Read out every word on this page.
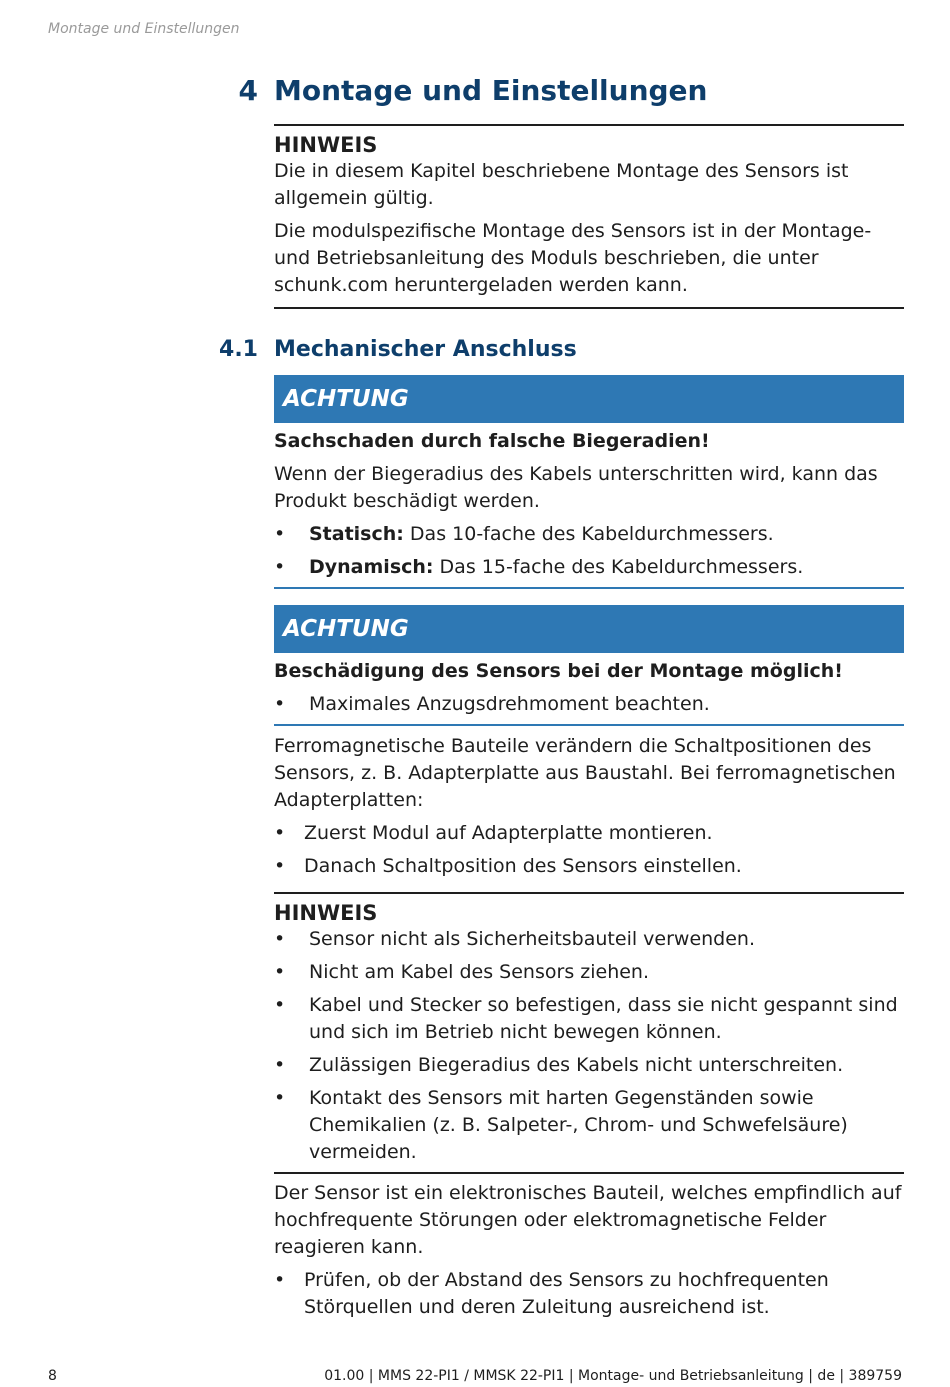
Montage und Einstellungen
4 Montage und Einstellungen
HINWEIS

Die in diesem Kapitel beschriebene Montage des Sensors ist allgemein gültig.

Die modulspezifische Montage des Sensors ist in der Montage- und Betriebsanleitung des Moduls beschrieben, die unter schunk.com heruntergeladen werden kann.

4.1 Mechanischer Anschluss
ACHTUNG
Sachschaden durch falsche Biegeradien!

Wenn der Biegeradius des Kabels unterschritten wird, kann das Produkt beschädigt werden.

• Statisch: Das 10-fache des Kabeldurchmessers.
• Dynamisch: Das 15-fache des Kabeldurchmessers.
ACHTUNG
Beschädigung des Sensors bei der Montage möglich!
• Maximales Anzugsdrehmoment beachten.

Ferromagnetische Bauteile verändern die Schaltpositionen des Sensors, z. B. Adapterplatte aus Baustahl. Bei ferromagnetischen Adapterplatten:

• Zuerst Modul auf Adapterplatte montieren.
• Danach Schaltposition des Sensors einstellen.
HINWEIS
• Sensor nicht als Sicherheitsbauteil verwenden.
• Nicht am Kabel des Sensors ziehen.
• Kabel und Stecker so befestigen, dass sie nicht gespannt sind und sich im Betrieb nicht bewegen können.
• Zulässigen Biegeradius des Kabels nicht unterschreiten.
• Kontakt des Sensors mit harten Gegenständen sowie Chemikalien (z. B. Salpeter-, Chrom- und Schwefelsäure) vermeiden.

Der Sensor ist ein elektronisches Bauteil, welches empfindlich auf hochfrequente Störungen oder elektromagnetische Felder reagieren kann.

• Prüfen, ob der Abstand des Sensors zu hochfrequenten Störquellen und deren Zuleitung ausreichend ist.
8	01.00 | MMS 22-PI1 / MMSK 22-PI1 | Montage- und Betriebsanleitung | de | 389759
